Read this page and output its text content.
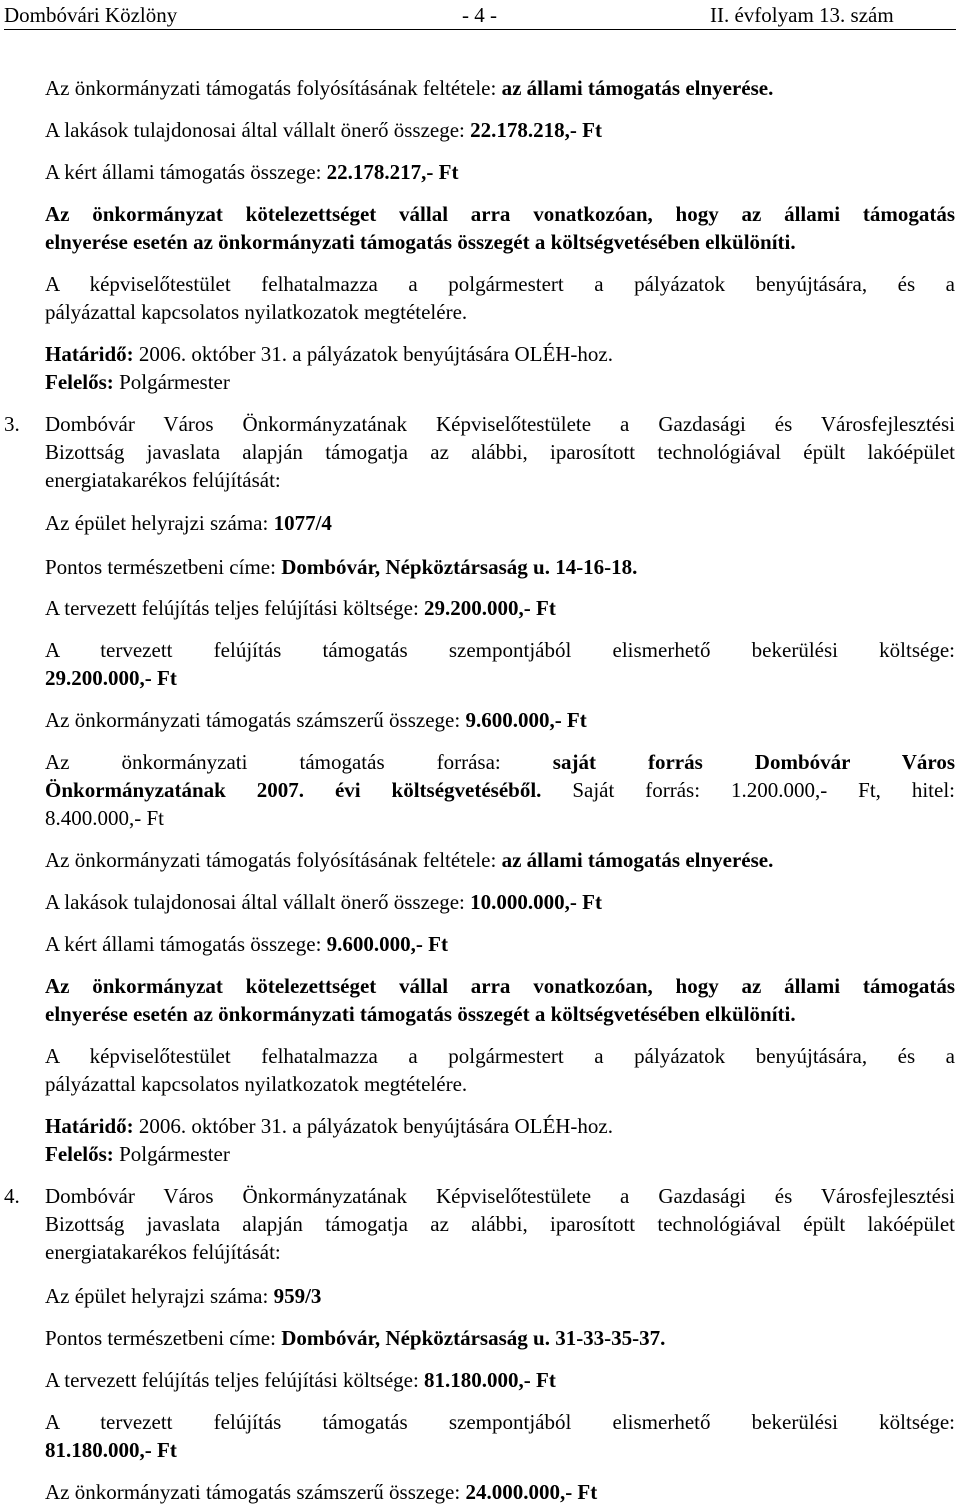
Dombóvári Közlöny	- 4 -	II. évfolyam 13. szám
Az önkormányzati támogatás folyósításának feltétele: az állami támogatás elnyerése.
A lakások tulajdonosai által vállalt önerő összege: 22.178.218,- Ft
A kért állami támogatás összege: 22.178.217,- Ft
Az önkormányzat kötelezettséget vállal arra vonatkozóan, hogy az állami támogatás
elnyerése esetén az önkormányzati támogatás összegét a költségvetésében elkülöníti.
A képviselőtestület felhatalmazza a polgármestert a pályázatok benyújtására, és a
pályázattal kapcsolatos nyilatkozatok megtételére.
Határidő: 2006. október 31. a pályázatok benyújtására OLÉH-hoz.
Felelős: Polgármester
3. Dombóvár Város Önkormányzatának Képviselőtestülete a Gazdasági és Városfejlesztési
Bizottság javaslata alapján támogatja az alábbi, iparosított technológiával épült lakóépület
energiatakarékos felújítását:
Az épület helyrajzi száma: 1077/4
Pontos természetbeni címe: Dombóvár, Népköztársaság u. 14-16-18.
A tervezett felújítás teljes felújítási költsége: 29.200.000,- Ft
A tervezett felújítás támogatás szempontjából elismerhető bekerülési költsége:
29.200.000,- Ft
Az önkormányzati támogatás számszerű összege: 9.600.000,- Ft
Az önkormányzati támogatás forrása: saját forrás Dombóvár Város
Önkormányzatának 2007. évi költségvetéséből. Saját forrás: 1.200.000,- Ft, hitel:
8.400.000,- Ft
Az önkormányzati támogatás folyósításának feltétele: az állami támogatás elnyerése.
A lakások tulajdonosai által vállalt önerő összege: 10.000.000,- Ft
A kért állami támogatás összege: 9.600.000,- Ft
Az önkormányzat kötelezettséget vállal arra vonatkozóan, hogy az állami támogatás
elnyerése esetén az önkormányzati támogatás összegét a költségvetésében elkülöníti.
A képviselőtestület felhatalmazza a polgármestert a pályázatok benyújtására, és a
pályázattal kapcsolatos nyilatkozatok megtételére.
Határidő: 2006. október 31. a pályázatok benyújtására OLÉH-hoz.
Felelős: Polgármester
4. Dombóvár Város Önkormányzatának Képviselőtestülete a Gazdasági és Városfejlesztési
Bizottság javaslata alapján támogatja az alábbi, iparosított technológiával épült lakóépület
energiatakarékos felújítását:
Az épület helyrajzi száma: 959/3
Pontos természetbeni címe: Dombóvár, Népköztársaság u. 31-33-35-37.
A tervezett felújítás teljes felújítási költsége: 81.180.000,- Ft
A tervezett felújítás támogatás szempontjából elismerhető bekerülési költsége:
81.180.000,- Ft
Az önkormányzati támogatás számszerű összege: 24.000.000,- Ft
